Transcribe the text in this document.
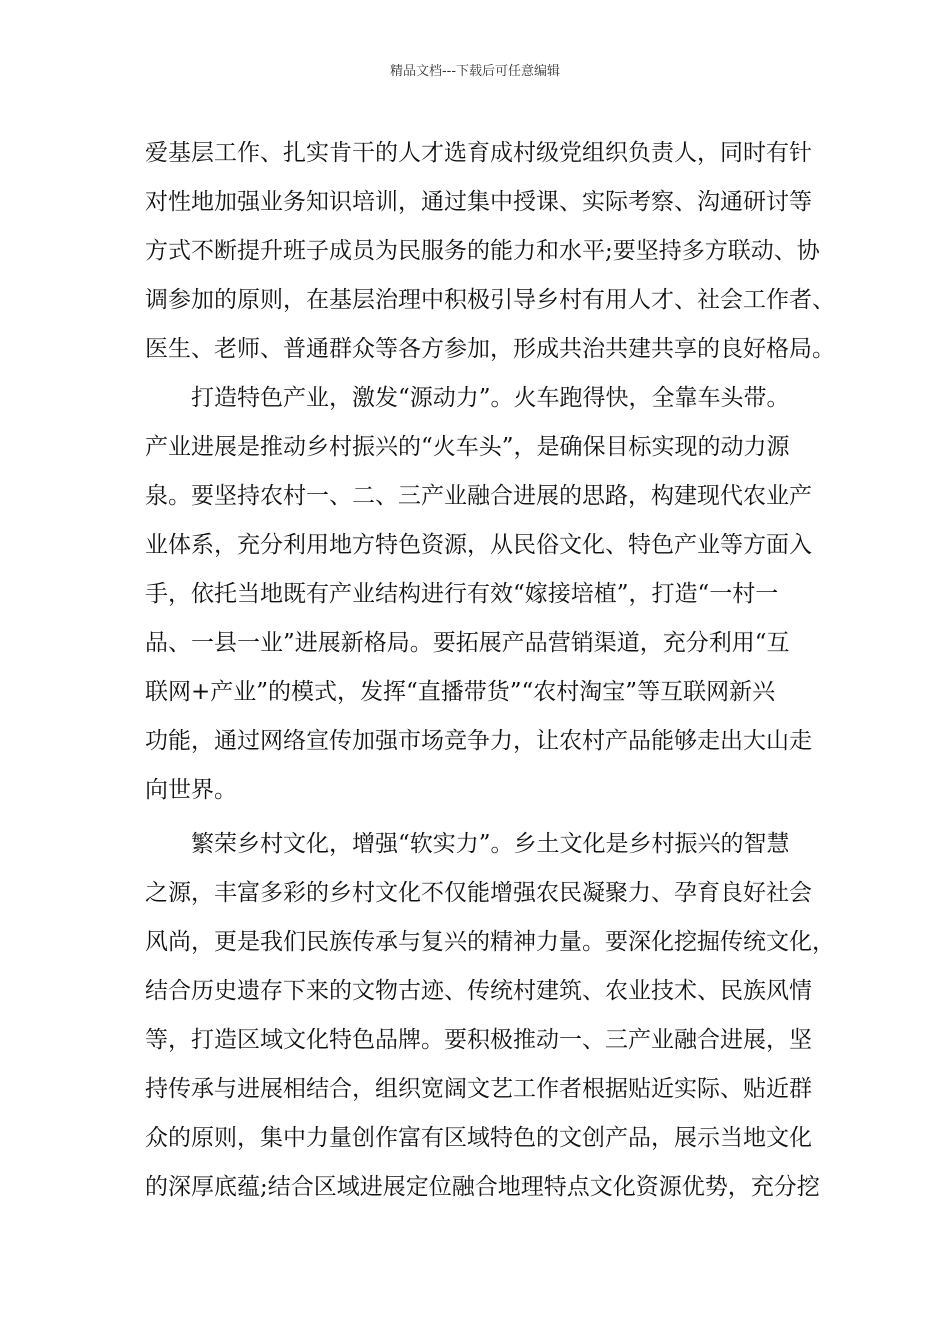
精品文档---下载后可任意编辑
爱基层工作、扎实肯干的人才选育成村级党组织负责人，同时有针
对性地加强业务知识培训，通过集中授课、实际考察、沟通研讨等
方式不断提升班子成员为民服务的能力和水平;要坚持多方联动、协
调参加的原则，在基层治理中积极引导乡村有用人才、社会工作者、
医生、老师、普通群众等各方参加，形成共治共建共享的良好格局。
　　打造特色产业，激发“源动力”。火车跑得快，全靠车头带。
产业进展是推动乡村振兴的“火车头”，是确保目标实现的动力源
泉。要坚持农村一、二、三产业融合进展的思路，构建现代农业产
业体系，充分利用地方特色资源，从民俗文化、特色产业等方面入
手，依托当地既有产业结构进行有效“嫁接培植”，打造“一村一
品、一县一业”进展新格局。要拓展产品营销渠道，充分利用“互
联网+产业”的模式，发挥“直播带货”“农村淘宝”等互联网新兴
功能，通过网络宣传加强市场竞争力，让农村产品能够走出大山走
向世界。
　　繁荣乡村文化，增强“软实力”。乡土文化是乡村振兴的智慧
之源，丰富多彩的乡村文化不仅能增强农民凝聚力、孕育良好社会
风尚，更是我们民族传承与复兴的精神力量。要深化挖掘传统文化，
结合历史遗存下来的文物古迹、传统村建筑、农业技术、民族风情
等，打造区域文化特色品牌。要积极推动一、三产业融合进展，坚
持传承与进展相结合，组织宽阔文艺工作者根据贴近实际、贴近群
众的原则，集中力量创作富有区域特色的文创产品，展示当地文化
的深厚底蕴;结合区域进展定位融合地理特点文化资源优势，充分挖
